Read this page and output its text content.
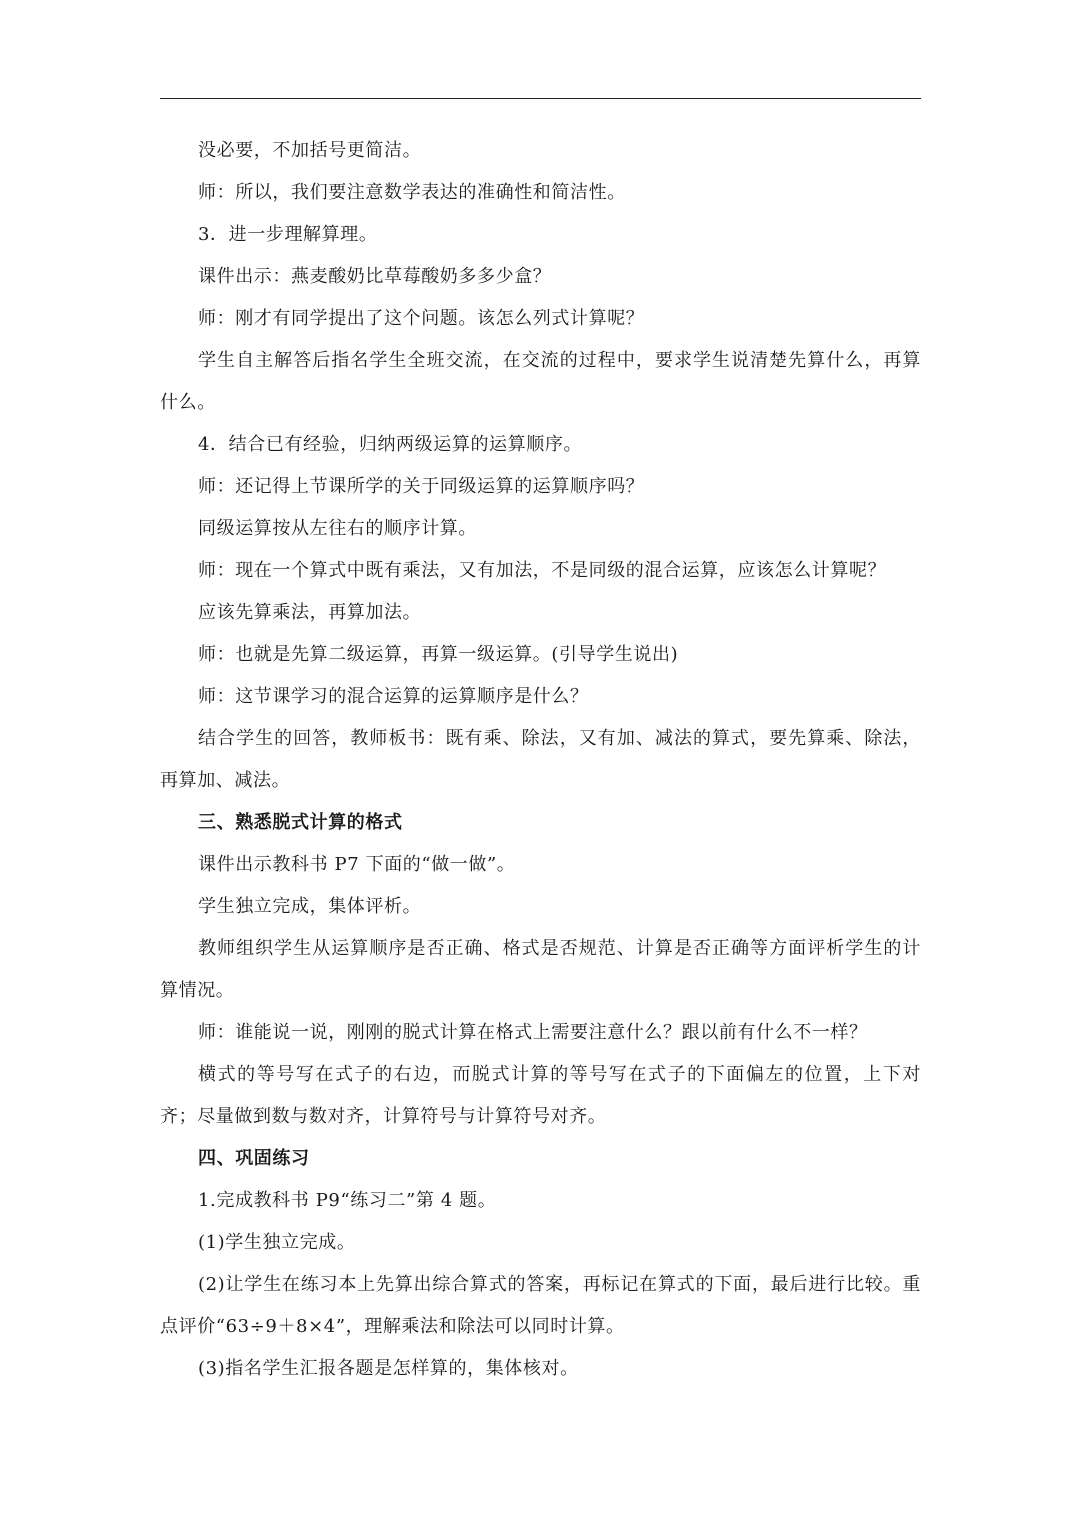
没必要，不加括号更简洁。

师：所以，我们要注意数学表达的准确性和简洁性。

3．进一步理解算理。

课件出示：燕麦酸奶比草莓酸奶多多少盒？

师：刚才有同学提出了这个问题。该怎么列式计算呢？

学生自主解答后指名学生全班交流，在交流的过程中，要求学生说清楚先算什么，再算什么。

4．结合已有经验，归纳两级运算的运算顺序。

师：还记得上节课所学的关于同级运算的运算顺序吗？

同级运算按从左往右的顺序计算。

师：现在一个算式中既有乘法，又有加法，不是同级的混合运算，应该怎么计算呢？

应该先算乘法，再算加法。

师：也就是先算二级运算，再算一级运算。(引导学生说出)

师：这节课学习的混合运算的运算顺序是什么？

结合学生的回答，教师板书：既有乘、除法，又有加、减法的算式，要先算乘、除法，再算加、减法。

三、熟悉脱式计算的格式

课件出示教科书 P7 下面的“做一做”。

学生独立完成，集体评析。

教师组织学生从运算顺序是否正确、格式是否规范、计算是否正确等方面评析学生的计算情况。

师：谁能说一说，刚刚的脱式计算在格式上需要注意什么？跟以前有什么不一样？

横式的等号写在式子的右边，而脱式计算的等号写在式子的下面偏左的位置，上下对齐；尽量做到数与数对齐，计算符号与计算符号对齐。

四、巩固练习

1.完成教科书 P9“练习二”第 4 题。

(1)学生独立完成。

(2)让学生在练习本上先算出综合算式的答案，再标记在算式的下面，最后进行比较。重点评价“63÷9＋8×4”，理解乘法和除法可以同时计算。

(3)指名学生汇报各题是怎样算的，集体核对。
